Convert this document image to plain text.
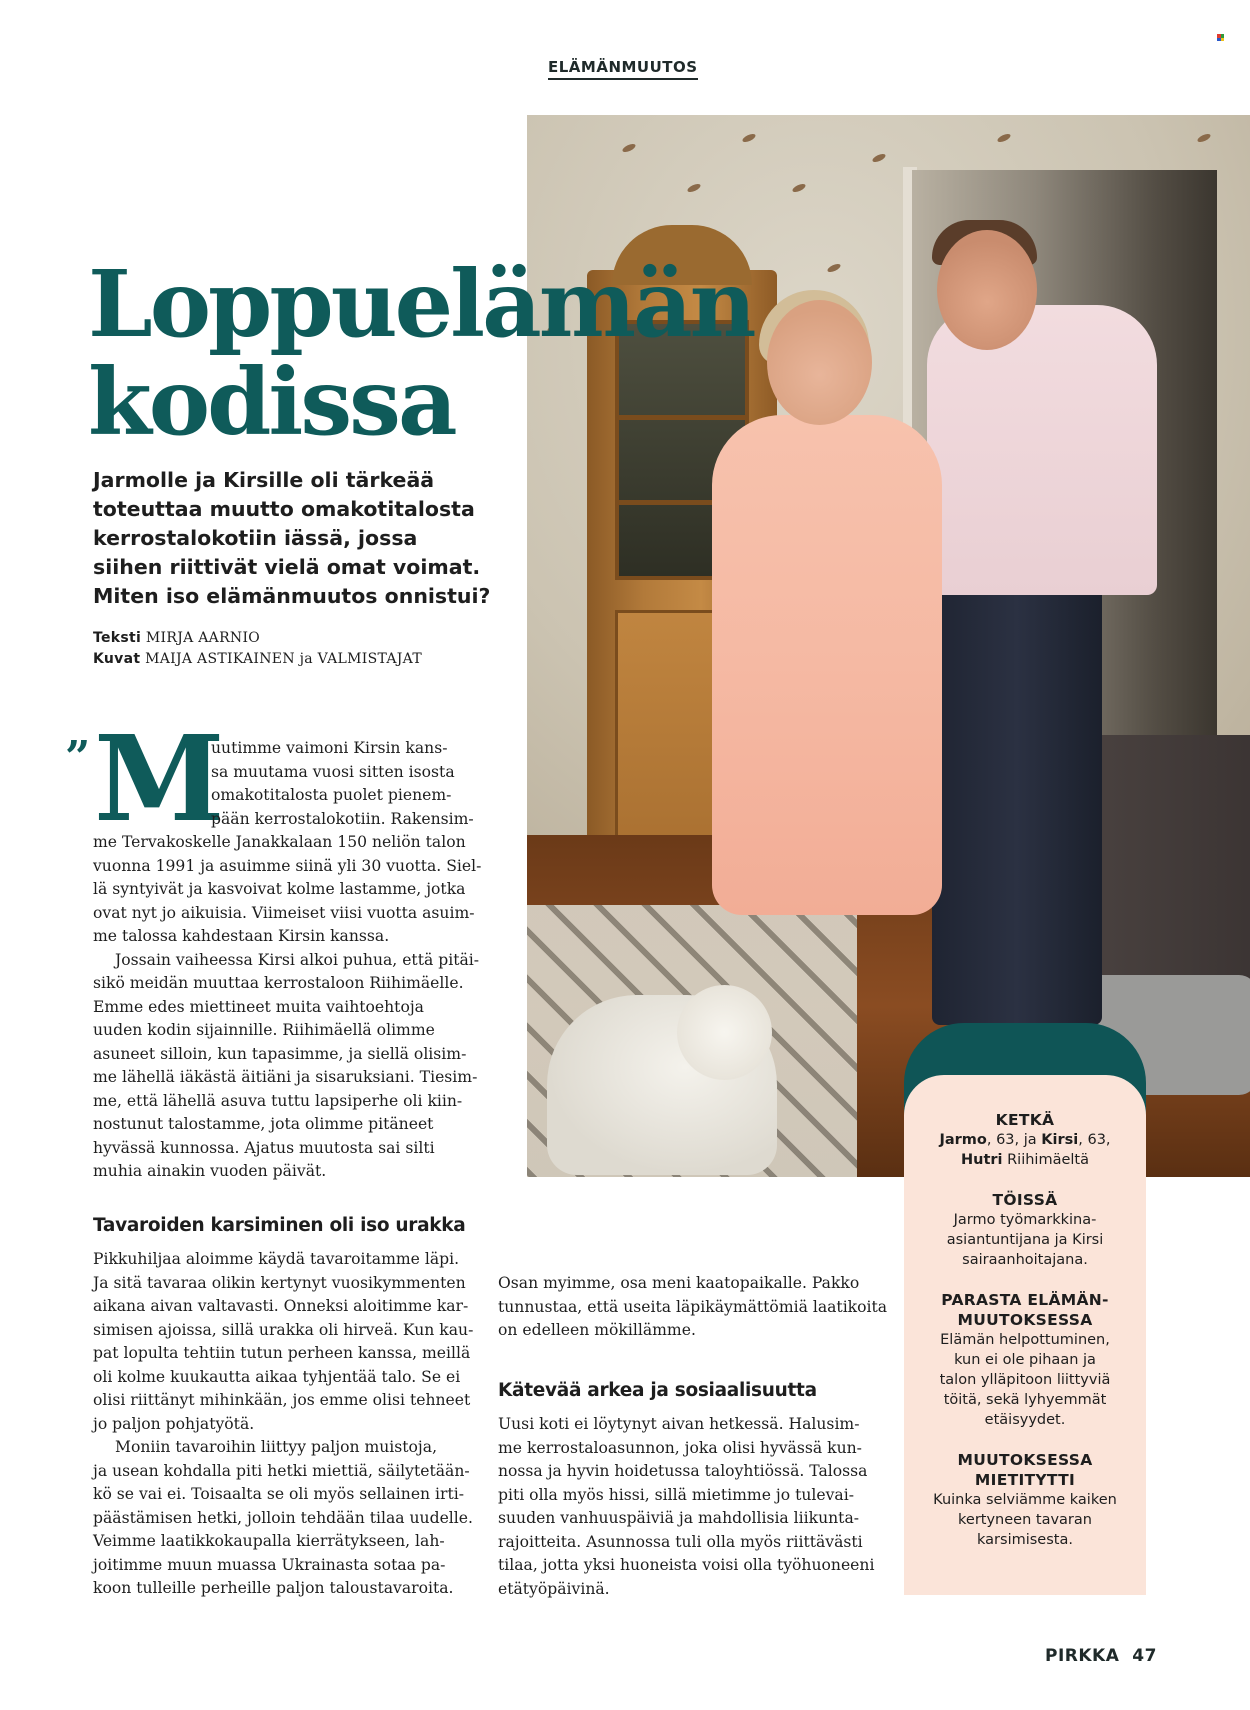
ELÄMÄNMUUTOS
Loppuelämän
kodissa
Jarmolle ja Kirsille oli tärkeää toteuttaa muutto omakotitalosta kerrostalokotiin iässä, jossa siihen riittivät vielä omat voimat. Miten iso elämänmuutos onnistui?
Teksti MIRJA AARNIO
Kuvat MAIJA ASTIKAINEN ja VALMISTAJAT
” M
uutimme vaimoni Kirsin kans-
sa muutama vuosi sitten isosta
omakotitalosta puolet pienem-
pään kerrostalokotiin. Rakensim-
me Tervakoskelle Janakkalaan 150 neliön talon
vuonna 1991 ja asuimme siinä yli 30 vuotta. Siel-
lä syntyivät ja kasvoivat kolme lastamme, jotka
ovat nyt jo aikuisia. Viimeiset viisi vuotta asuim-
me talossa kahdestaan Kirsin kanssa.
Jossain vaiheessa Kirsi alkoi puhua, että pitäi-
sikö meidän muuttaa kerrostaloon Riihimäelle.
Emme edes miettineet muita vaihtoehtoja
uuden kodin sijainnille. Riihimäellä olimme
asuneet silloin, kun tapasimme, ja siellä olisim-
me lähellä iäkästä äitiäni ja sisaruksiani. Tiesim-
me, että lähellä asuva tuttu lapsiperhe oli kiin-
nostunut talostamme, jota olimme pitäneet
hyvässä kunnossa. Ajatus muutosta sai silti
muhia ainakin vuoden päivät.
Tavaroiden karsiminen oli iso urakka
Pikkuhiljaa aloimme käydä tavaroitamme läpi.
Ja sitä tavaraa olikin kertynyt vuosikymmenten
aikana aivan valtavasti. Onneksi aloitimme kar-
simisen ajoissa, sillä urakka oli hirveä. Kun kau-
pat lopulta tehtiin tutun perheen kanssa, meillä
oli kolme kuukautta aikaa tyhjentää talo. Se ei
olisi riittänyt mihinkään, jos emme olisi tehneet
jo paljon pohjatyötä.
Moniin tavaroihin liittyy paljon muistoja,
ja usean kohdalla piti hetki miettiä, säilytetään-
kö se vai ei. Toisaalta se oli myös sellainen irti-
päästämisen hetki, jolloin tehdään tilaa uudelle.
Veimme laatikkokaupalla kierrätykseen, lah-
joitimme muun muassa Ukrainasta sotaa pa-
koon tulleille perheille paljon taloustavaroita.
Osan myimme, osa meni kaatopaikalle. Pakko
tunnustaa, että useita läpikäymättömiä laatikoita
on edelleen mökillämme.
Kätevää arkea ja sosiaalisuutta
Uusi koti ei löytynyt aivan hetkessä. Halusim-
me kerrostaloasunnon, joka olisi hyvässä kun-
nossa ja hyvin hoidetussa taloyhtiössä. Talossa
piti olla myös hissi, sillä mietimme jo tulevai-
suuden vanhuuspäiviä ja mahdollisia liikunta-
rajoitteita. Asunnossa tuli olla myös riittävästi
tilaa, jotta yksi huoneista voisi olla työhuoneeni
etätyöpäivinä.
KETKÄ
Jarmo, 63, ja Kirsi, 63,
Hutri Riihimäeltä
TÖISSÄ
Jarmo työmarkkina-
asiantuntijana ja Kirsi
sairaanhoitajana.
PARASTA ELÄMÄN-
MUUTOKSESSA
Elämän helpottuminen,
kun ei ole pihaan ja
talon ylläpitoon liittyviä
töitä, sekä lyhyemmät
etäisyydet.
MUUTOKSESSA
MIETITYTTI
Kuinka selviämme kaiken
kertyneen tavaran
karsimisesta.
PIRKKA 47
